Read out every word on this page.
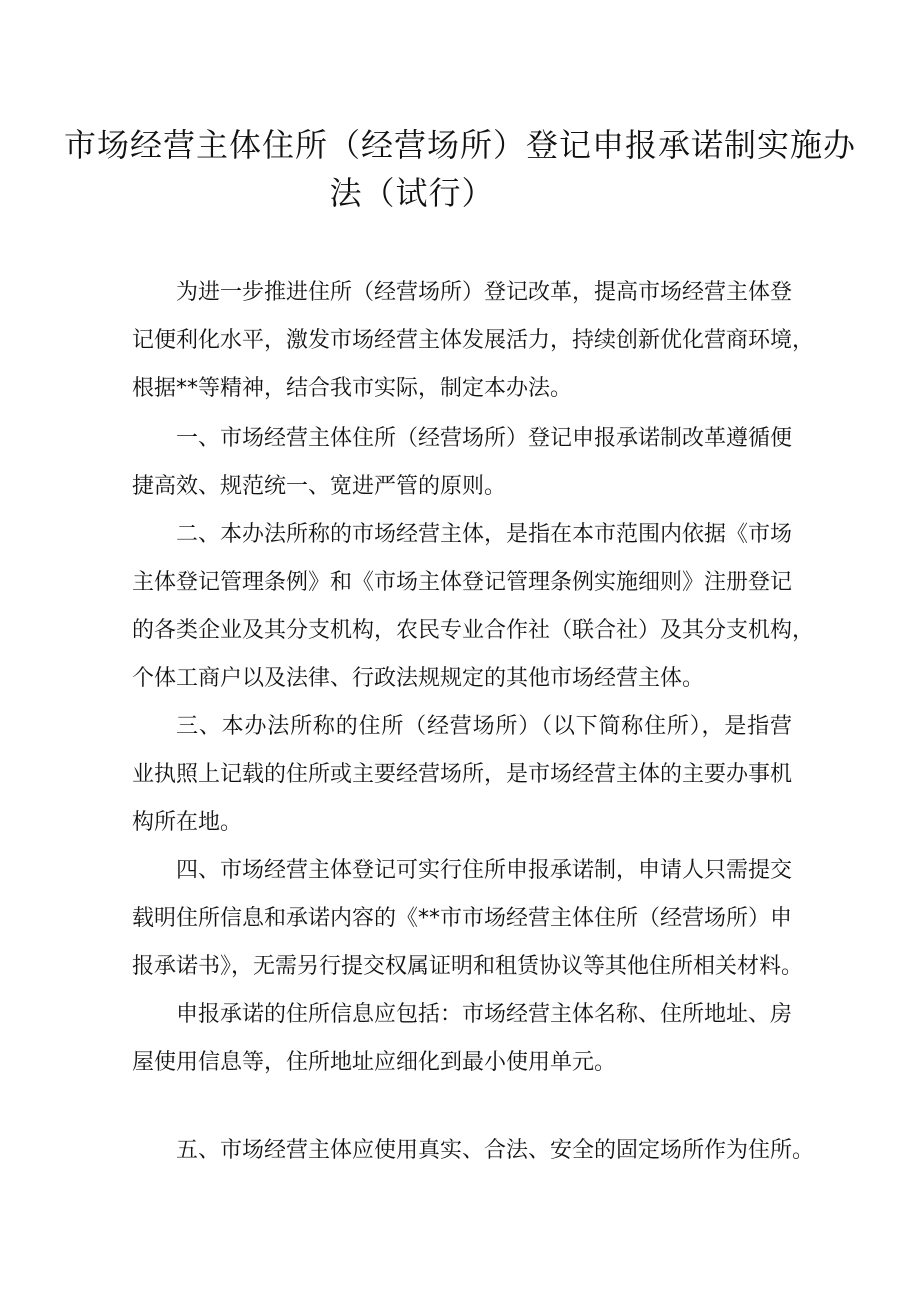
市场经营主体住所（经营场所）登记申报承诺制实施办
法（试行）
为进一步推进住所（经营场所）登记改革，提高市场经营主体登
记便利化水平，激发市场经营主体发展活力，持续创新优化营商环境，
根据**等精神，结合我市实际，制定本办法。
一、市场经营主体住所（经营场所）登记申报承诺制改革遵循便
捷高效、规范统一、宽进严管的原则。
二、本办法所称的市场经营主体，是指在本市范围内依据《市场
主体登记管理条例》和《市场主体登记管理条例实施细则》注册登记
的各类企业及其分支机构，农民专业合作社（联合社）及其分支机构，
个体工商户以及法律、行政法规规定的其他市场经营主体。
三、本办法所称的住所（经营场所）（以下简称住所），是指营
业执照上记载的住所或主要经营场所，是市场经营主体的主要办事机
构所在地。
四、市场经营主体登记可实行住所申报承诺制，申请人只需提交
载明住所信息和承诺内容的《**市市场经营主体住所（经营场所）申
报承诺书》，无需另行提交权属证明和租赁协议等其他住所相关材料。
申报承诺的住所信息应包括：市场经营主体名称、住所地址、房
屋使用信息等，住所地址应细化到最小使用单元。
五、市场经营主体应使用真实、合法、安全的固定场所作为住所。
